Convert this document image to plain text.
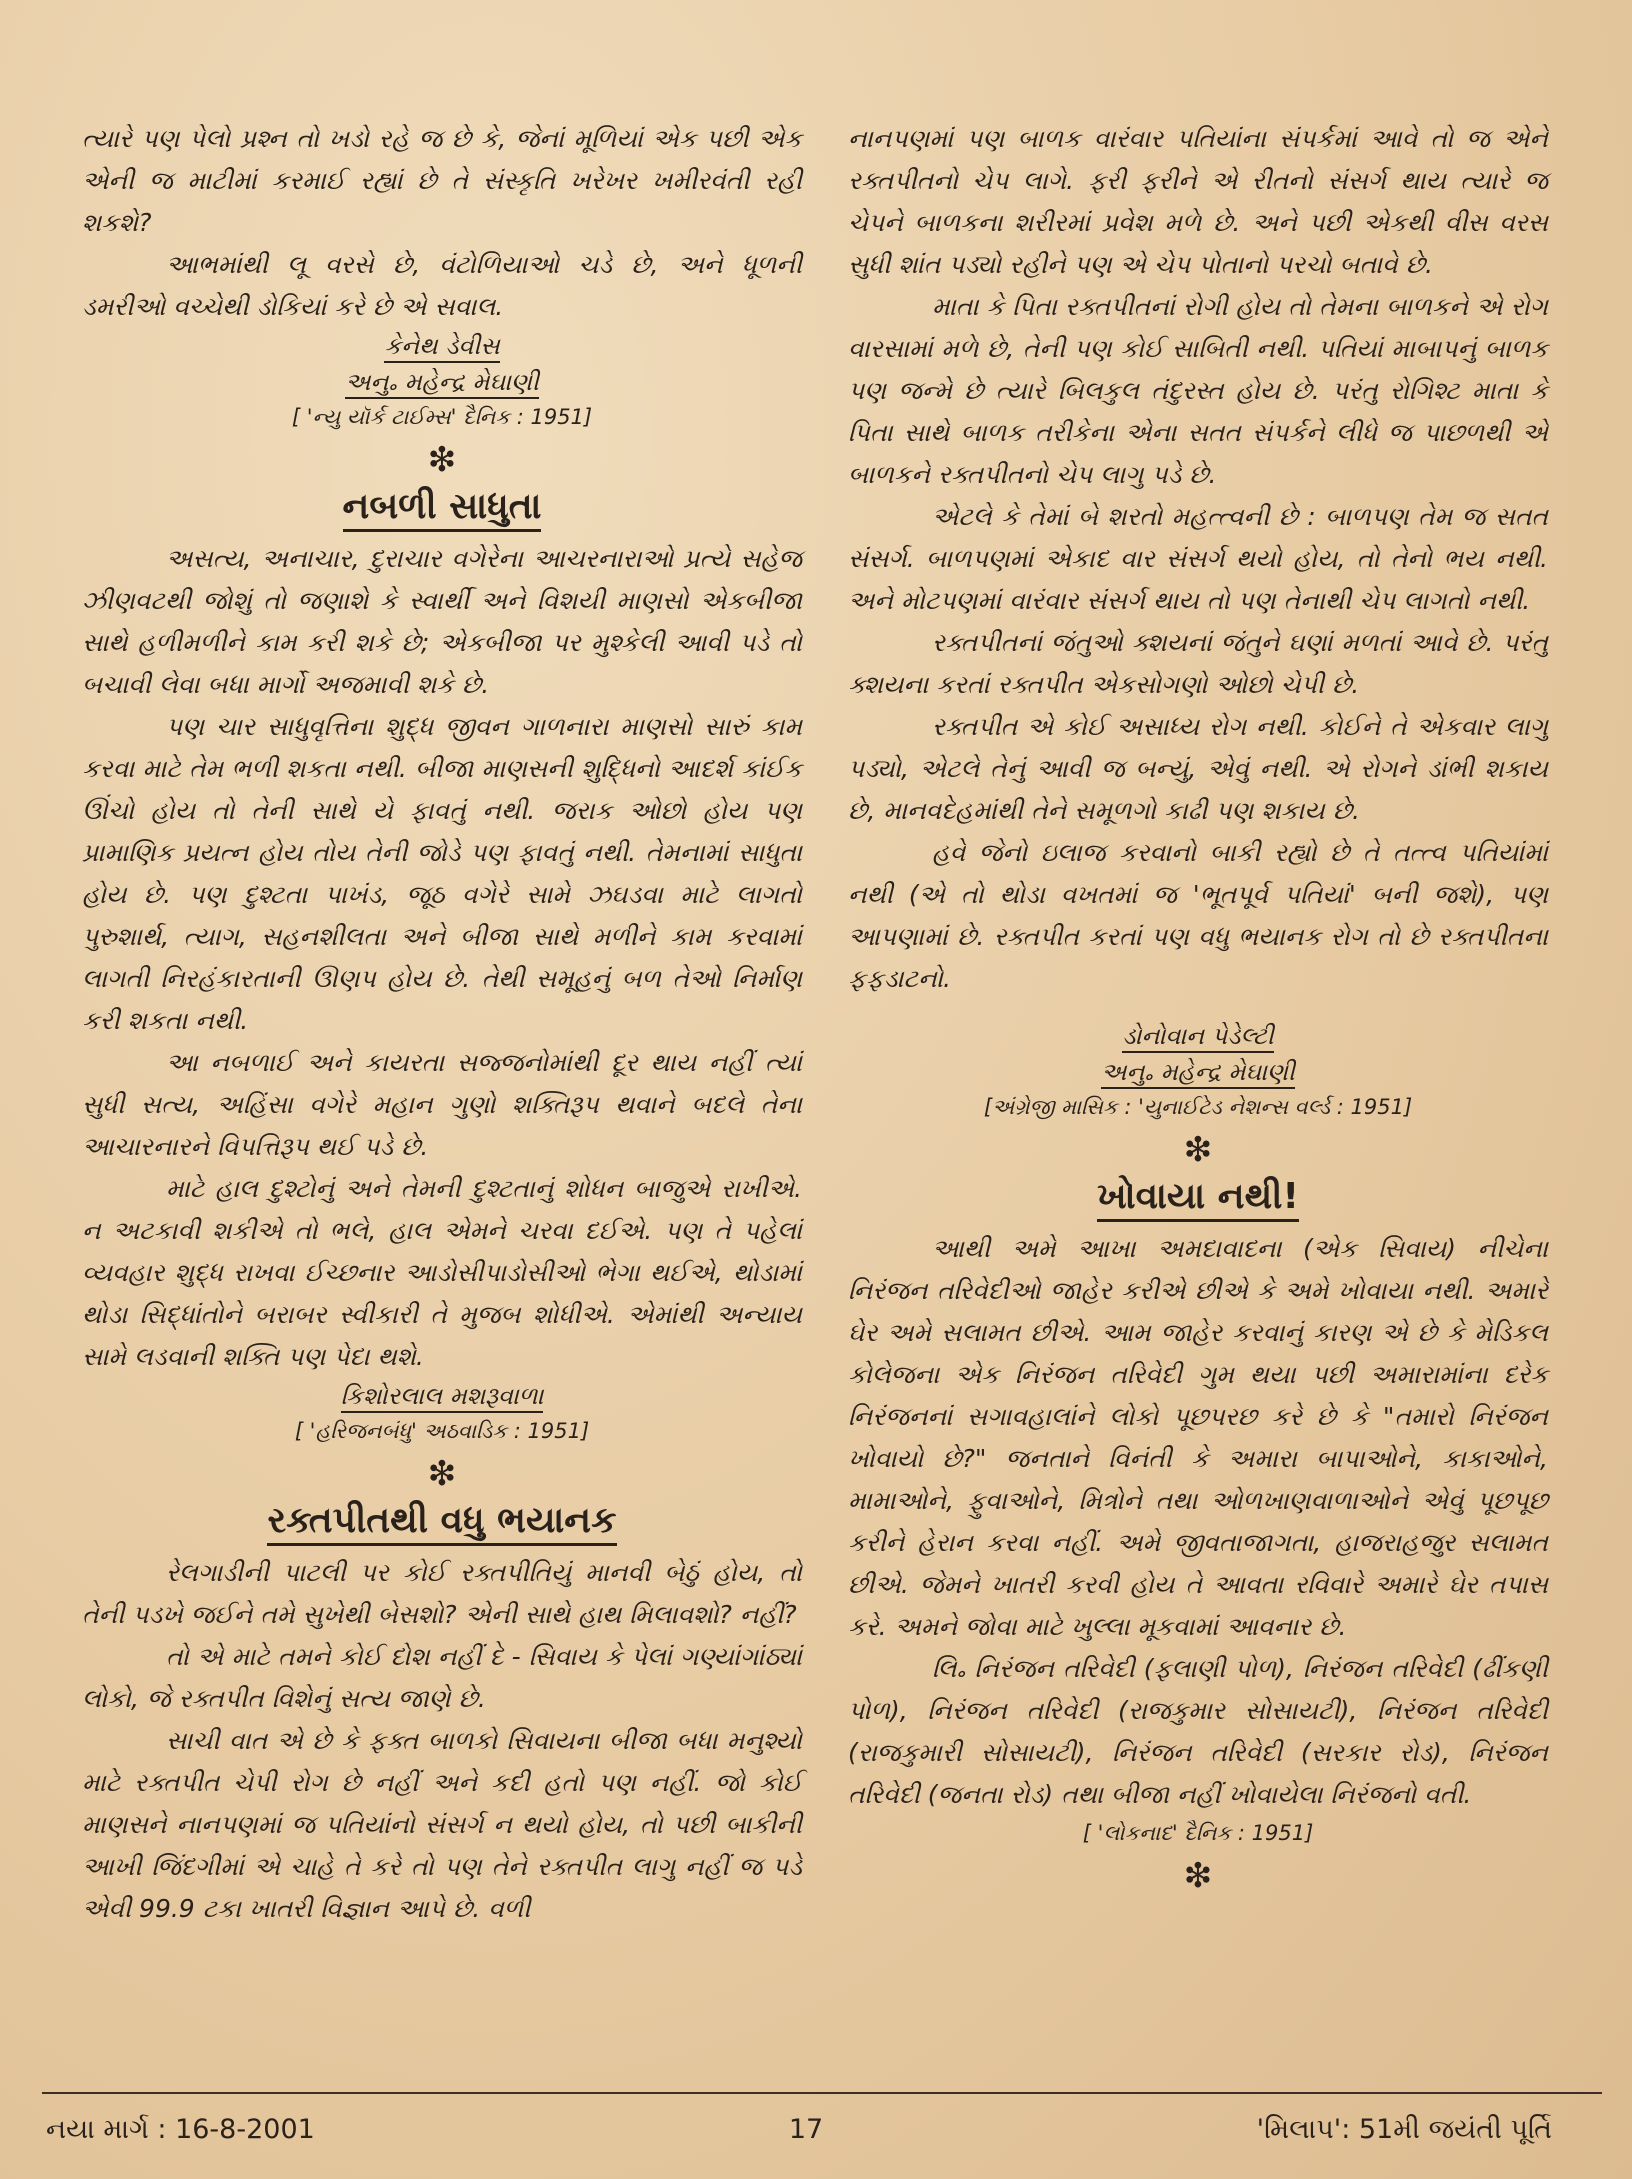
ત્યારે પણ પેલો પ્રશ્ન તો ખડો રહે જ છે કે, જેનાં મૂળિયાં એક પછી એક એની જ માટીમાં કરમાઈ રહ્યાં છે તે સંસ્કૃતિ ખરેખર ખમીરવંતી રહી શકશે?

આભમાંથી લૂ વરસે છે, વંટોળિયાઓ ચડે છે, અને ધૂળની ડમરીઓ વચ્ચેથી ડોકિયાં કરે છે એ સવાલ.

કેનેથ ડેવીસ

અનુ૰ મહેન્દ્ર મેઘાણી

[ 'ન્યુ યૉર્ક ટાઈમ્સ' દૈનિક : 1951]

❇
નબળી સાધુતા

અસત્ય, અનાચાર, દુરાચાર વગેરેના આચરનારાઓ પ્રત્યે સહેજ ઝીણવટથી જોશું તો જણાશે કે સ્વાર્થી અને વિશયી માણસો એકબીજા સાથે હળીમળીને કામ કરી શકે છે; એકબીજા પર મુશ્કેલી આવી પડે તો બચાવી લેવા બધા માર્ગો અજમાવી શકે છે.

પણ ચાર સાધુવૃત્તિના શુદ્ધ જીવન ગાળનારા માણસો સારું કામ કરવા માટે તેમ ભળી શકતા નથી. બીજા માણસની શુદ્ધિનો આદર્શ કાંઈક ઊંચો હોય તો તેની સાથે યે ફાવતું નથી. જરાક ઓછો હોય પણ પ્રામાણિક પ્રયત્ન હોય તોય તેની જોડે પણ ફાવતું નથી. તેમનામાં સાધુતા હોય છે. પણ દુશ્ટતા પાખંડ, જૂઠ વગેરે સામે ઝઘડવા માટે લાગતો પુરુશાર્થ, ત્યાગ, સહનશીલતા અને બીજા સાથે મળીને કામ કરવામાં લાગતી નિરહંકારતાની ઊણપ હોય છે. તેથી સમૂહનું બળ તેઓ નિર્માણ કરી શકતા નથી.

આ નબળાઈ અને કાયરતા સજ્જનોમાંથી દૂર થાય નહીં ત્યાં સુધી સત્ય, અહિંસા વગેરે મહાન ગુણો શક્તિરૂપ થવાને બદલે તેના આચારનારને વિપત્તિરૂપ થઈ પડે છે.

માટે હાલ દુશ્ટોનું અને તેમની દુશ્ટતાનું શોધન બાજુએ રાખીએ. ન અટકાવી શકીએ તો ભલે, હાલ એમને ચરવા દઈએ. પણ તે પહેલાં વ્યવહાર શુદ્ધ રાખવા ઈચ્છનાર આડોસીપાડોસીઓ ભેગા થઈએ, થોડામાં થોડા સિદ્ધાંતોને બરાબર સ્વીકારી તે મુજબ શોધીએ. એમાંથી અન્યાય સામે લડવાની શક્તિ પણ પેદા થશે.

કિશોરલાલ મશરૂવાળા

[ 'હરિજનબંધુ' અઠવાડિક : 1951]

❇
રક્તપીતથી વધુ ભયાનક

રેલગાડીની પાટલી પર કોઈ રક્તપીતિયું માનવી બેઠું હોય, તો તેની પડખે જઈને તમે સુખેથી બેસશો? એની સાથે હાથ મિલાવશો? નહીં?

તો એ માટે તમને કોઈ દોશ નહીં દે - સિવાય કે પેલાં ગણ્યાંગાંઠ્યાં લોકો, જે રક્તપીત વિશેનું સત્ય જાણે છે.

સાચી વાત એ છે કે ફક્ત બાળકો સિવાયના બીજા બધા મનુશ્યો માટે રક્તપીત ચેપી રોગ છે નહીં અને કદી હતો પણ નહીં. જો કોઈ માણસને નાનપણમાં જ પતિયાંનો સંસર્ગ ન થયો હોય, તો પછી બાકીની આખી જિંદગીમાં એ ચાહે તે કરે તો પણ તેને રક્તપીત લાગુ નહીં જ પડે એવી 99.9 ટકા ખાતરી વિજ્ઞાન આપે છે. વળી

નાનપણમાં પણ બાળક વારંવાર પતિયાંના સંપર્કમાં આવે તો જ એને રક્તપીતનો ચેપ લાગે. ફરી ફરીને એ રીતનો સંસર્ગ થાય ત્યારે જ ચેપને બાળકના શરીરમાં પ્રવેશ મળે છે. અને પછી એકથી વીસ વરસ સુધી શાંત પડ્યો રહીને પણ એ ચેપ પોતાનો પરચો બતાવે છે.

માતા કે પિતા રક્તપીતનાં રોગી હોય તો તેમના બાળકને એ રોગ વારસામાં મળે છે, તેની પણ કોઈ સાબિતી નથી. પતિયાં માબાપનું બાળક પણ જન્મે છે ત્યારે બિલકુલ તંદુરસ્ત હોય છે. પરંતુ રોગિશ્ટ માતા કે પિતા સાથે બાળક તરીકેના એના સતત સંપર્કને લીધે જ પાછળથી એ બાળકને રક્તપીતનો ચેપ લાગુ પડે છે.

એટલે કે તેમાં બે શરતો મહત્ત્વની છે : બાળપણ તેમ જ સતત સંસર્ગ. બાળપણમાં એકાદ વાર સંસર્ગ થયો હોય, તો તેનો ભય નથી. અને મોટપણમાં વારંવાર સંસર્ગ થાય તો પણ તેનાથી ચેપ લાગતો નથી.

રક્તપીતનાં જંતુઓ ક્શયનાં જંતુને ઘણાં મળતાં આવે છે. પરંતુ ક્શયના કરતાં રક્તપીત એકસોગણો ઓછો ચેપી છે.

રક્તપીત એ કોઈ અસાધ્ય રોગ નથી. કોઈને તે એકવાર લાગુ પડ્યો, એટલે તેનું આવી જ બન્યું, એવું નથી. એ રોગને ડાંભી શકાય છે, માનવદેહમાંથી તેને સમૂળગો કાઢી પણ શકાય છે.

હવે જેનો ઇલાજ કરવાનો બાકી રહ્યો છે તે તત્ત્વ પતિયાંમાં નથી (એ તો થોડા વખતમાં જ 'ભૂતપૂર્વ પતિયાં' બની જશે), પણ આપણામાં છે. રક્તપીત કરતાં પણ વધુ ભયાનક રોગ તો છે રક્તપીતના ફફડાટનો.

ડોનોવાન પેડેલ્ટી

અનુ૰ મહેન્દ્ર મેઘાણી

[અંગ્રેજી માસિક : 'યુનાઈટેડ નેશન્સ વર્લ્ડ : 1951]

❇
ખોવાયા નથી!

આથી અમે આખા અમદાવાદના (એક સિવાય) નીચેના નિરંજન તરિવેદીઓ જાહેર કરીએ છીએ કે અમે ખોવાયા નથી. અમારે ઘેર અમે સલામત છીએ. આમ જાહેર કરવાનું કારણ એ છે કે મેડિકલ કોલેજના એક નિરંજન તરિવેદી ગુમ થયા પછી અમારામાંના દરેક નિરંજનનાં સગાવહાલાંને લોકો પૂછપરછ કરે છે કે "તમારો નિરંજન ખોવાયો છે?" જનતાને વિનંતી કે અમારા બાપાઓને, કાકાઓને, મામાઓને, ફુવાઓને, મિત્રોને તથા ઓળખાણવાળાઓને એવું પૂછપૂછ કરીને હેરાન કરવા નહીં. અમે જીવતાજાગતા, હાજરાહજુર સલામત છીએ. જેમને ખાતરી કરવી હોય તે આવતા રવિવારે અમારે ઘેર તપાસ કરે. અમને જોવા માટે ખુલ્લા મૂકવામાં આવનાર છે.

લિ૰ નિરંજન તરિવેદી (ફલાણી પોળ), નિરંજન તરિવેદી (ઢીંકણી પોળ), નિરંજન તરિવેદી (રાજકુમાર સોસાયટી), નિરંજન તરિવેદી (રાજકુમારી સોસાયટી), નિરંજન તરિવેદી (સરકાર રોડ), નિરંજન તરિવેદી (જનતા રોડ) તથા બીજા નહીં ખોવાયેલા નિરંજનો વતી.

[ 'લોકનાદ' દૈનિક : 1951]

❇
નયા માર્ગ : 16-8-2001	17	'મિલાપ': 51મી જયંતી પૂર્તિ
